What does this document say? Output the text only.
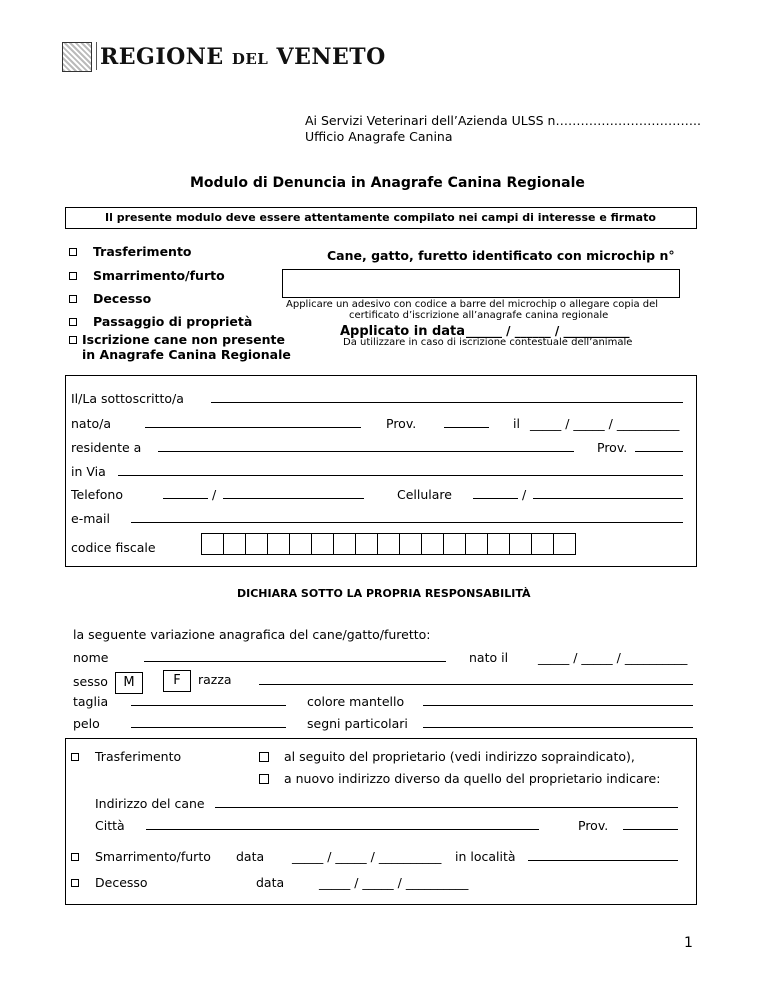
REGIONE DEL VENETO
Ai Servizi Veterinari dell’Azienda ULSS n……………………………..
Ufficio Anagrafe Canina
Modulo di Denuncia in Anagrafe Canina Regionale
Il presente modulo deve essere attentamente compilato nei campi di interesse e firmato
Trasferimento
Smarrimento/furto
Decesso
Passaggio di proprietà
Iscrizione cane non presente
in Anagrafe Canina Regionale
Cane, gatto, furetto identificato con microchip n°
Applicare un adesivo con codice a barre del microchip o allegare copia del
certificato d’iscrizione all’anagrafe canina regionale
Applicato in data ______ / ______ / ___________
Da utilizzare in caso di iscrizione contestuale dell’animale
Il/La sottoscritto/a
nato/a	Prov.	il _____ / _____ / __________
residente a	Prov.
in Via
Telefono	/	Cellulare	/
e-mail
codice fiscale
DICHIARA SOTTO LA PROPRIA RESPONSABILITÀ
la seguente variazione anagrafica del cane/gatto/furetto:
nome	nato il _____ / _____ / __________
sesso	M	F	razza
taglia	colore mantello
pelo	segni particolari
Trasferimento	al seguito del proprietario (vedi indirizzo sopraindicato),
a nuovo indirizzo diverso da quello del proprietario indicare:
Indirizzo del cane
Città	Prov.
Smarrimento/furto data _____ / _____ / __________ in località
Decesso	data	_____ / _____ / __________
1
